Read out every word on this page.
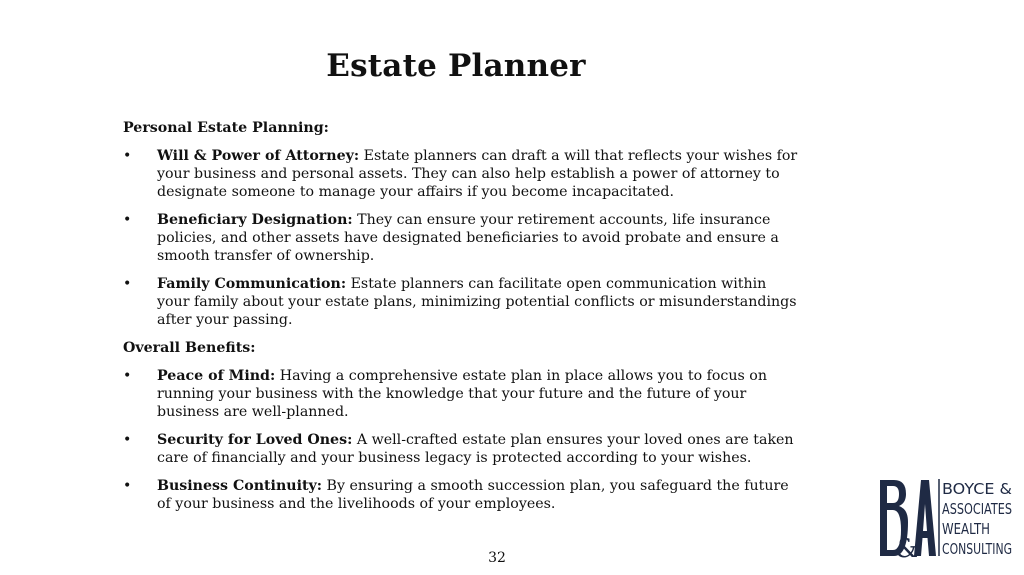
Estate Planner
Personal Estate Planning:
•	Will & Power of Attorney: Estate planners can draft a will that reflects your wishes for your business and personal assets. They can also help establish a power of attorney to designate someone to manage your affairs if you become incapacitated.
•	Beneficiary Designation: They can ensure your retirement accounts, life insurance policies, and other assets have designated beneficiaries to avoid probate and ensure a smooth transfer of ownership.
•	Family Communication: Estate planners can facilitate open communication within your family about your estate plans, minimizing potential conflicts or misunderstandings after your passing.
Overall Benefits:
•	Peace of Mind: Having a comprehensive estate plan in place allows you to focus on running your business with the knowledge that your future and the future of your business are well-planned.
•	Security for Loved Ones: A well-crafted estate plan ensures your loved ones are taken care of financially and your business legacy is protected according to your wishes.
•	Business Continuity: By ensuring a smooth succession plan, you safeguard the future of your business and the livelihoods of your employees.
32	&
BOYCE &
ASSOCIATES
WEALTH
CONSULTING
